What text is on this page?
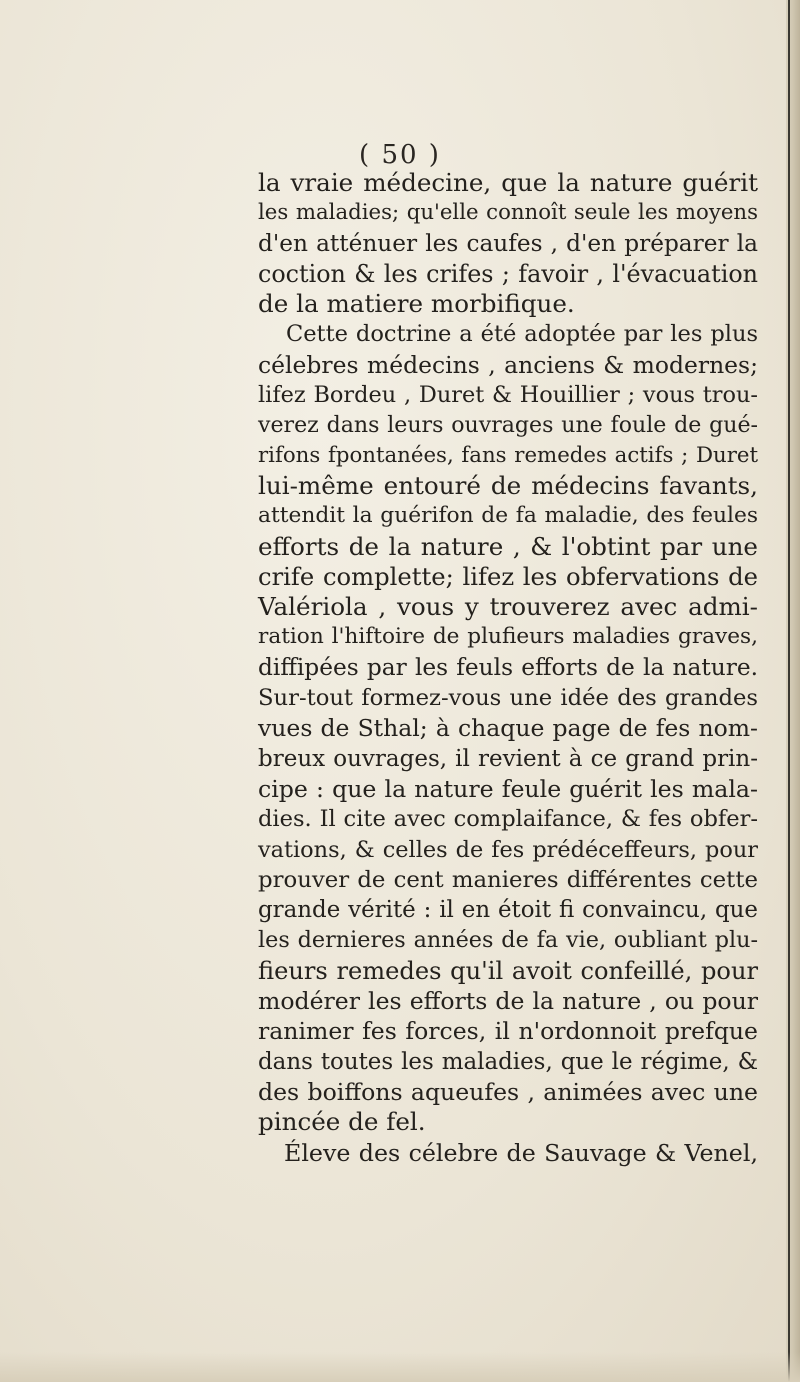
( 50 )
la vraie médecine, que la nature guérit
les maladies; qu'elle connoît seule les moyens
d'en atténuer les caufes , d'en préparer la
coction & les crifes ; favoir , l'évacuation
de la matiere morbifique.
Cette doctrine a été adoptée par les plus
célebres médecins , anciens & modernes;
lifez Bordeu , Duret & Houillier ; vous trou-
verez dans leurs ouvrages une foule de gué-
rifons fpontanées, fans remedes actifs ; Duret
lui-même entouré de médecins favants,
attendit la guérifon de fa maladie, des feules
efforts de la nature , & l'obtint par une
crife complette; lifez les obfervations de
Valériola , vous y trouverez avec admi-
ration l'hiftoire de plufieurs maladies graves,
diffipées par les feuls efforts de la nature.
Sur-tout formez-vous une idée des grandes
vues de Sthal; à chaque page de fes nom-
breux ouvrages, il revient à ce grand prin-
cipe : que la nature feule guérit les mala-
dies. Il cite avec complaifance, & fes obfer-
vations, & celles de fes prédéceffeurs, pour
prouver de cent manieres différentes cette
grande vérité : il en étoit fi convaincu, que
les dernieres années de fa vie, oubliant plu-
fieurs remedes qu'il avoit confeillé, pour
modérer les efforts de la nature , ou pour
ranimer fes forces, il n'ordonnoit prefque
dans toutes les maladies, que le régime, &
des boiffons aqueufes , animées avec une
pincée de fel.
Éleve des célebre de Sauvage & Venel,
